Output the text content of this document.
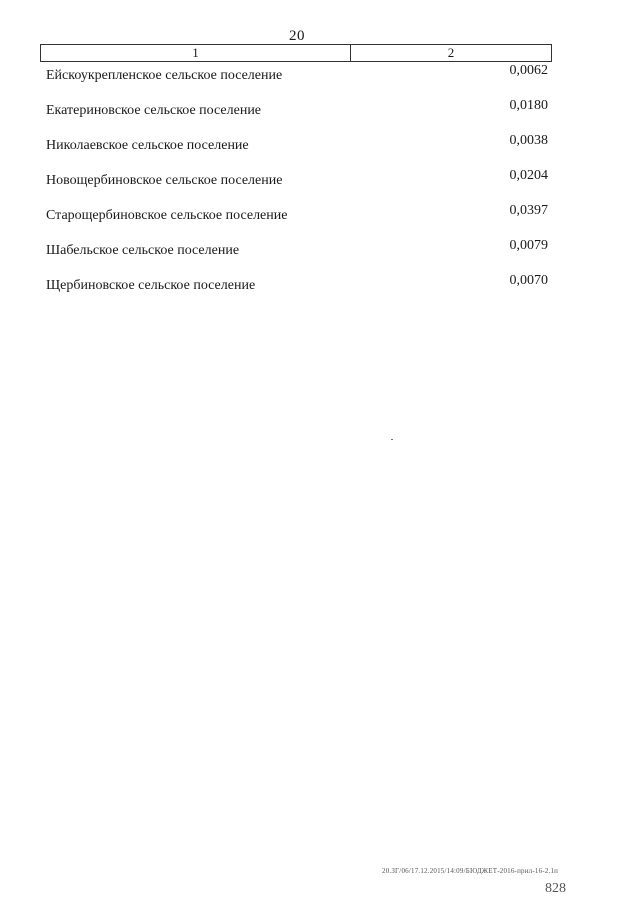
20
1	2
Ейскоукрепленское сельское поселение	0,0062
Екатериновское сельское поселение	0,0180
Николаевское сельское поселение	0,0038
Новощербиновское сельское поселение	0,0204
Старощербиновское сельское поселение	0,0397
Шабельское сельское поселение	0,0079
Щербиновское сельское поселение	0,0070
20.ЗГ/06/17.12.2015/14:09/БЮДЖЕТ-2016-прил-16-2.1п
828
